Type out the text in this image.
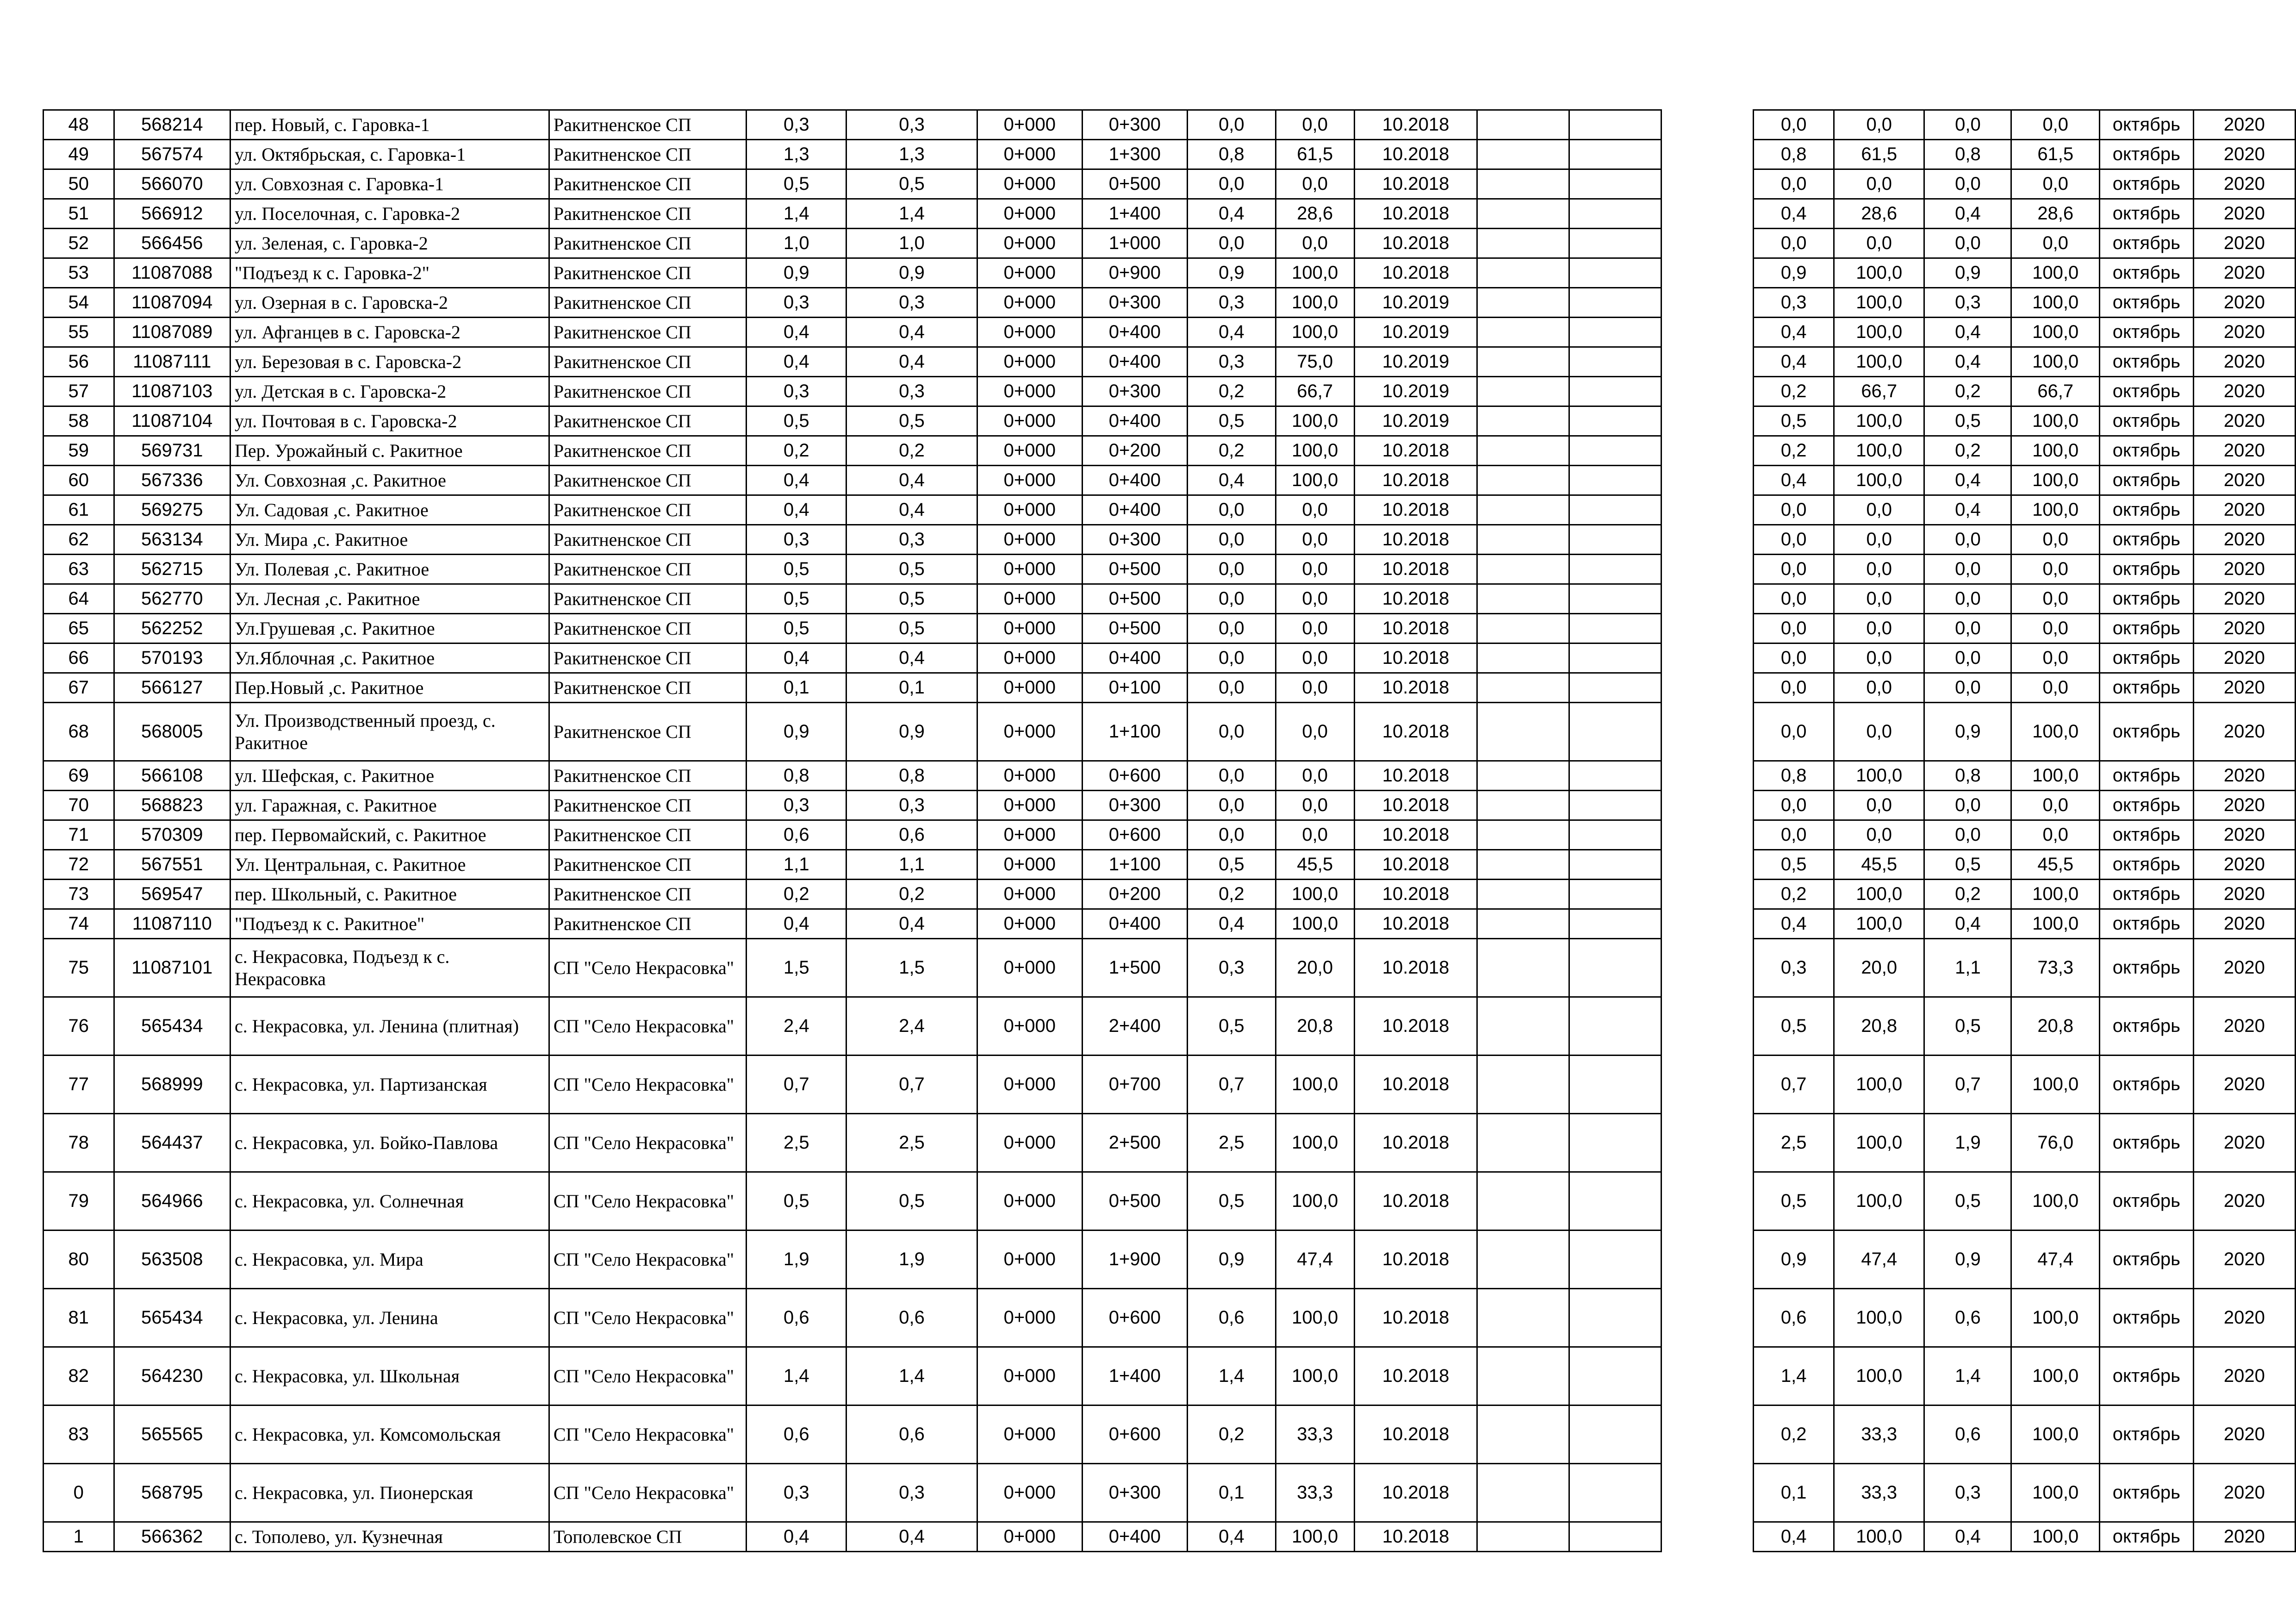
48	568214	пер. Новый, с. Гаровка-1	Ракитненское СП	0,3	0,3	0+000	0+300	0,0	0,0	10.2018				0,0	0,0	0,0	0,0	октябрь	2020
49	567574	ул. Октябрьская, с. Гаровка-1	Ракитненское СП	1,3	1,3	0+000	1+300	0,8	61,5	10.2018				0,8	61,5	0,8	61,5	октябрь	2020
50	566070	ул. Совхозная с. Гаровка-1	Ракитненское СП	0,5	0,5	0+000	0+500	0,0	0,0	10.2018				0,0	0,0	0,0	0,0	октябрь	2020
51	566912	ул. Поселочная, с. Гаровка-2	Ракитненское СП	1,4	1,4	0+000	1+400	0,4	28,6	10.2018				0,4	28,6	0,4	28,6	октябрь	2020
52	566456	ул. Зеленая, с. Гаровка-2	Ракитненское СП	1,0	1,0	0+000	1+000	0,0	0,0	10.2018				0,0	0,0	0,0	0,0	октябрь	2020
53	11087088	"Подъезд к с. Гаровка-2"	Ракитненское СП	0,9	0,9	0+000	0+900	0,9	100,0	10.2018				0,9	100,0	0,9	100,0	октябрь	2020
54	11087094	ул. Озерная в с. Гаровска-2	Ракитненское СП	0,3	0,3	0+000	0+300	0,3	100,0	10.2019				0,3	100,0	0,3	100,0	октябрь	2020
55	11087089	ул. Афганцев в с. Гаровска-2	Ракитненское СП	0,4	0,4	0+000	0+400	0,4	100,0	10.2019				0,4	100,0	0,4	100,0	октябрь	2020
56	11087111	ул. Березовая в с. Гаровска-2	Ракитненское СП	0,4	0,4	0+000	0+400	0,3	75,0	10.2019				0,4	100,0	0,4	100,0	октябрь	2020
57	11087103	ул. Детская в с. Гаровска-2	Ракитненское СП	0,3	0,3	0+000	0+300	0,2	66,7	10.2019				0,2	66,7	0,2	66,7	октябрь	2020
58	11087104	ул. Почтовая в с. Гаровска-2	Ракитненское СП	0,5	0,5	0+000	0+400	0,5	100,0	10.2019				0,5	100,0	0,5	100,0	октябрь	2020
59	569731	Пер. Урожайный с. Ракитное	Ракитненское СП	0,2	0,2	0+000	0+200	0,2	100,0	10.2018				0,2	100,0	0,2	100,0	октябрь	2020
60	567336	Ул. Совхозная ,с. Ракитное	Ракитненское СП	0,4	0,4	0+000	0+400	0,4	100,0	10.2018				0,4	100,0	0,4	100,0	октябрь	2020
61	569275	Ул. Садовая ,с. Ракитное	Ракитненское СП	0,4	0,4	0+000	0+400	0,0	0,0	10.2018				0,0	0,0	0,4	100,0	октябрь	2020
62	563134	Ул. Мира ,с. Ракитное	Ракитненское СП	0,3	0,3	0+000	0+300	0,0	0,0	10.2018				0,0	0,0	0,0	0,0	октябрь	2020
63	562715	Ул. Полевая ,с. Ракитное	Ракитненское СП	0,5	0,5	0+000	0+500	0,0	0,0	10.2018				0,0	0,0	0,0	0,0	октябрь	2020
64	562770	Ул. Лесная ,с. Ракитное	Ракитненское СП	0,5	0,5	0+000	0+500	0,0	0,0	10.2018				0,0	0,0	0,0	0,0	октябрь	2020
65	562252	Ул.Грушевая ,с. Ракитное	Ракитненское СП	0,5	0,5	0+000	0+500	0,0	0,0	10.2018				0,0	0,0	0,0	0,0	октябрь	2020
66	570193	Ул.Яблочная ,с. Ракитное	Ракитненское СП	0,4	0,4	0+000	0+400	0,0	0,0	10.2018				0,0	0,0	0,0	0,0	октябрь	2020
67	566127	Пер.Новый ,с. Ракитное	Ракитненское СП	0,1	0,1	0+000	0+100	0,0	0,0	10.2018				0,0	0,0	0,0	0,0	октябрь	2020
68	568005	Ул. Производственный проезд, с. Ракитное	Ракитненское СП	0,9	0,9	0+000	1+100	0,0	0,0	10.2018				0,0	0,0	0,9	100,0	октябрь	2020
69	566108	ул. Шефская, с. Ракитное	Ракитненское СП	0,8	0,8	0+000	0+600	0,0	0,0	10.2018				0,8	100,0	0,8	100,0	октябрь	2020
70	568823	ул. Гаражная, с. Ракитное	Ракитненское СП	0,3	0,3	0+000	0+300	0,0	0,0	10.2018				0,0	0,0	0,0	0,0	октябрь	2020
71	570309	пер. Первомайский, с. Ракитное	Ракитненское СП	0,6	0,6	0+000	0+600	0,0	0,0	10.2018				0,0	0,0	0,0	0,0	октябрь	2020
72	567551	Ул. Центральная, с. Ракитное	Ракитненское СП	1,1	1,1	0+000	1+100	0,5	45,5	10.2018				0,5	45,5	0,5	45,5	октябрь	2020
73	569547	пер. Школьный, с. Ракитное	Ракитненское СП	0,2	0,2	0+000	0+200	0,2	100,0	10.2018				0,2	100,0	0,2	100,0	октябрь	2020
74	11087110	"Подъезд к с. Ракитное"	Ракитненское СП	0,4	0,4	0+000	0+400	0,4	100,0	10.2018				0,4	100,0	0,4	100,0	октябрь	2020
75	11087101	с. Некрасовка, Подъезд к с. Некрасовка	СП "Село Некрасовка"	1,5	1,5	0+000	1+500	0,3	20,0	10.2018				0,3	20,0	1,1	73,3	октябрь	2020
76	565434	с. Некрасовка, ул. Ленина (плитная)	СП "Село Некрасовка"	2,4	2,4	0+000	2+400	0,5	20,8	10.2018				0,5	20,8	0,5	20,8	октябрь	2020
77	568999	с. Некрасовка, ул. Партизанская	СП "Село Некрасовка"	0,7	0,7	0+000	0+700	0,7	100,0	10.2018				0,7	100,0	0,7	100,0	октябрь	2020
78	564437	с. Некрасовка, ул. Бойко-Павлова	СП "Село Некрасовка"	2,5	2,5	0+000	2+500	2,5	100,0	10.2018				2,5	100,0	1,9	76,0	октябрь	2020
79	564966	с. Некрасовка, ул. Солнечная	СП "Село Некрасовка"	0,5	0,5	0+000	0+500	0,5	100,0	10.2018				0,5	100,0	0,5	100,0	октябрь	2020
80	563508	с. Некрасовка, ул. Мира	СП "Село Некрасовка"	1,9	1,9	0+000	1+900	0,9	47,4	10.2018				0,9	47,4	0,9	47,4	октябрь	2020
81	565434	с. Некрасовка, ул. Ленина	СП "Село Некрасовка"	0,6	0,6	0+000	0+600	0,6	100,0	10.2018				0,6	100,0	0,6	100,0	октябрь	2020
82	564230	с. Некрасовка, ул. Школьная	СП "Село Некрасовка"	1,4	1,4	0+000	1+400	1,4	100,0	10.2018				1,4	100,0	1,4	100,0	октябрь	2020
83	565565	с. Некрасовка, ул. Комсомольская	СП "Село Некрасовка"	0,6	0,6	0+000	0+600	0,2	33,3	10.2018				0,2	33,3	0,6	100,0	октябрь	2020
0	568795	с. Некрасовка, ул. Пионерская	СП "Село Некрасовка"	0,3	0,3	0+000	0+300	0,1	33,3	10.2018				0,1	33,3	0,3	100,0	октябрь	2020
1	566362	с. Тополево, ул. Кузнечная	Тополевское СП	0,4	0,4	0+000	0+400	0,4	100,0	10.2018				0,4	100,0	0,4	100,0	октябрь	2020
